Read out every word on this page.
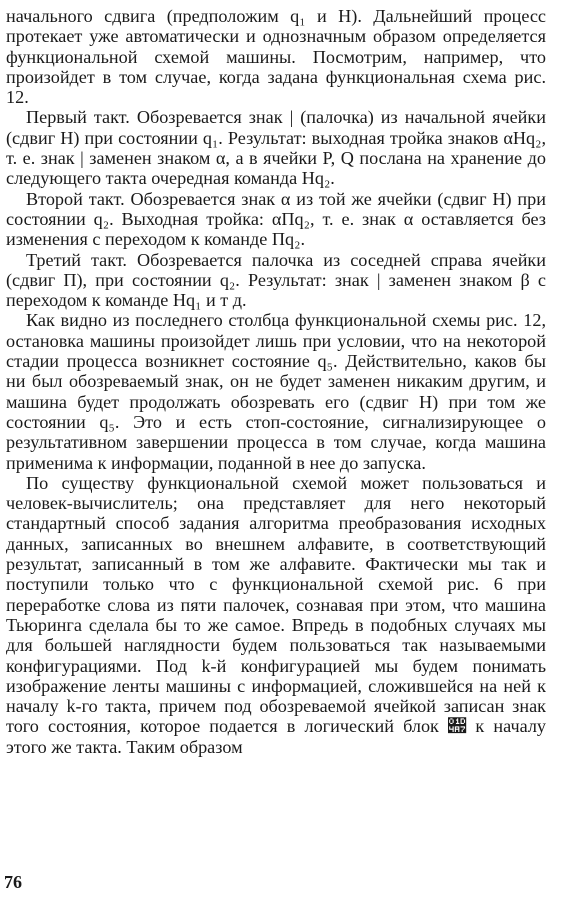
начального сдвига (предположим q₁ и H). Дальнейший процесс протекает уже автоматически и однозначным образом определяется функциональной схемой машины. Посмотрим, например, что произойдет в том случае, когда задана функциональная схема рис. 12.

Первый такт. Обозревается знак | (палочка) из начальной ячейки (сдвиг H) при состоянии q₁. Результат: выходная тройка знаков αHq₂, т. е. знак | заменен знаком α, а в ячейки P, Q послана на хранение до следующего такта очередная команда Hq₂.

Второй такт. Обозревается знак α из той же ячейки (сдвиг H) при состоянии q₂. Выходная тройка: αПq₂, т. е. знак α оставляется без изменения с переходом к команде Пq₂.

Третий такт. Обозревается палочка из соседней справа ячейки (сдвиг П), при состоянии q₂. Результат: знак | заменен знаком β с переходом к команде Hq₁ и т д.

Как видно из последнего столбца функциональной схемы рис. 12, остановка машины произойдет лишь при условии, что на некоторой стадии процесса возникнет состояние q₅. Действительно, каков бы ни был обозреваемый знак, он не будет заменен никаким другим, и машина будет продолжать обозревать его (сдвиг H) при том же состоянии q₅. Это и есть стоп-состояние, сигнализирующее о результативном завершении процесса в том случае, когда машина применима к информации, поданной в нее до запуска.

По существу функциональной схемой может пользоваться и человек-вычислитель; она представляет для него некоторый стандартный способ задания алгоритма преобразования исходных данных, записанных во внешнем алфавите, в соответствующий результат, записанный в том же алфавите. Фактически мы так и поступили только что с функциональной схемой рис. 6 при переработке слова из пяти палочек, сознавая при этом, что машина Тьюринга сделала бы то же самое. Впредь в подобных случаях мы для большей наглядности будем пользоваться так называемыми конфигурациями. Под k-й конфигурацией мы будем понимать изображение ленты машины с информацией, сложившейся на ней к началу k-го такта, причем под обозреваемой ячейкой записан знак того состояния, которое подается в логический блок 𝒧 к началу этого же такта. Таким образом

76
